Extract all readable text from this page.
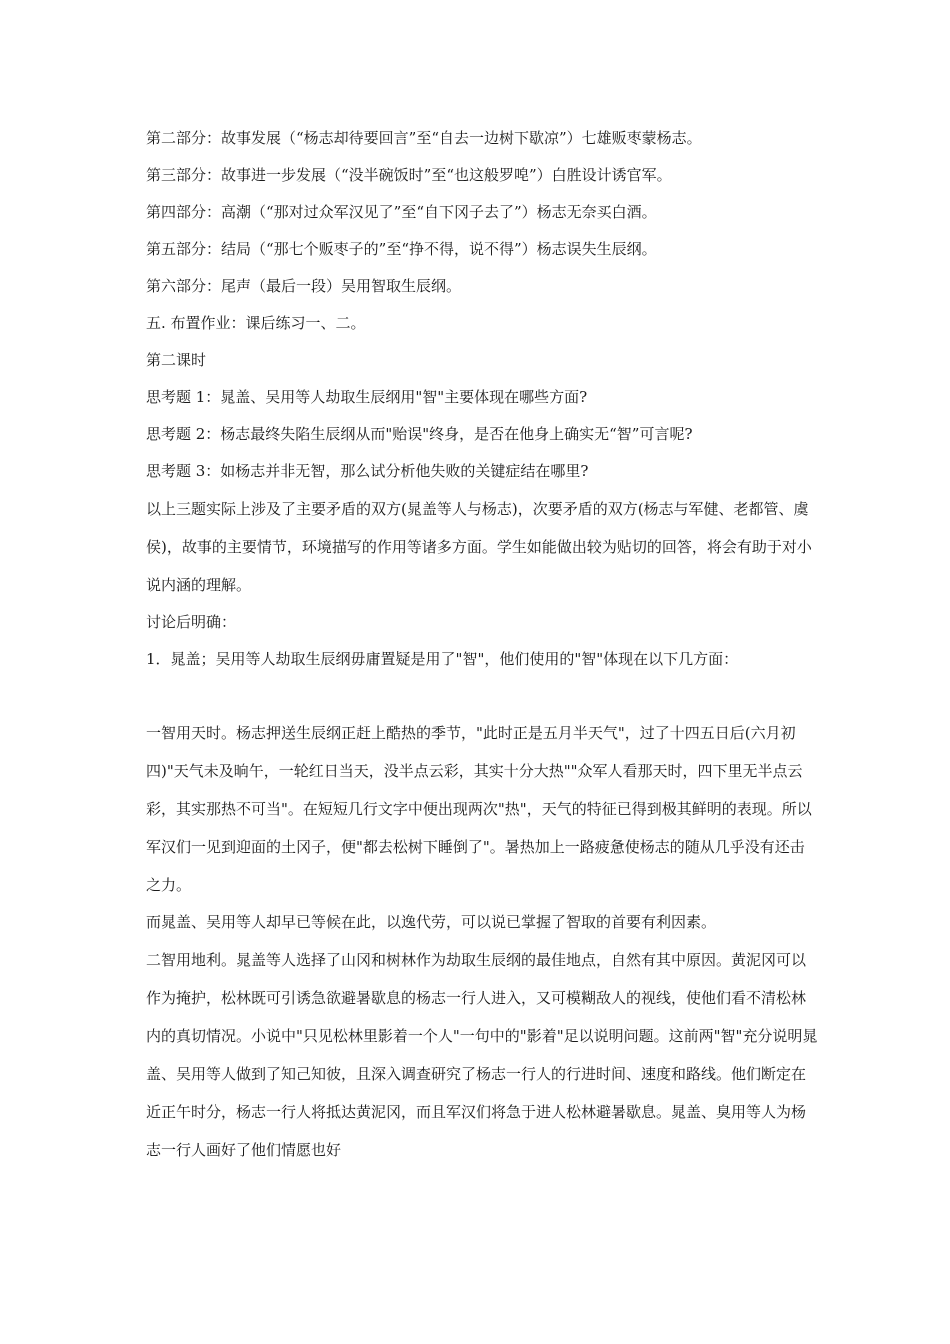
第二部分：故事发展（“杨志却待要回言”至“自去一边树下歇凉”）七雄贩枣蒙杨志。
第三部分：故事进一步发展（“没半碗饭时”至“也这般罗唣”）白胜设计诱官军。
第四部分：高潮（“那对过众军汉见了”至“自下冈子去了”）杨志无奈买白酒。
第五部分：结局（“那七个贩枣子的”至“挣不得，说不得”）杨志误失生辰纲。
第六部分：尾声（最后一段）吴用智取生辰纲。
五. 布置作业：课后练习一、二。
第二课时
思考题 1：晁盖、吴用等人劫取生辰纲用"智"主要体现在哪些方面?
思考题 2：杨志最终失陷生辰纲从而"贻误"终身，是否在他身上确实无“智”可言呢?
思考题 3：如杨志并非无智，那么试分析他失败的关键症结在哪里?

以上三题实际上涉及了主要矛盾的双方(晁盖等人与杨志)，次要矛盾的双方(杨志与军健、老都管、虞侯)，故事的主要情节，环境描写的作用等诸多方面。学生如能做出较为贴切的回答，将会有助于对小说内涵的理解。

讨论后明确：
1．晁盖；吴用等人劫取生辰纲毋庸置疑是用了"智"，他们使用的"智"体现在以下几方面：

一智用天时。杨志押送生辰纲正赶上酷热的季节，"此时正是五月半天气"，过了十四五日后(六月初四)"天气未及晌午，一轮红日当天，没半点云彩，其实十分大热""众军人看那天时，四下里无半点云彩，其实那热不可当"。在短短几行文字中便出现两次"热"，天气的特征已得到极其鲜明的表现。所以军汉们一见到迎面的土冈子，便"都去松树下睡倒了"。暑热加上一路疲惫使杨志的随从几乎没有还击之力。

而晁盖、吴用等人却早已等候在此，以逸代劳，可以说已掌握了智取的首要有利因素。

二智用地利。晁盖等人选择了山冈和树林作为劫取生辰纲的最佳地点，自然有其中原因。黄泥冈可以作为掩护，松林既可引诱急欲避暑歇息的杨志一行人进入，又可模糊敌人的视线，使他们看不清松林内的真切情况。小说中"只见松林里影着一个人"一句中的"影着"足以说明问题。这前两"智"充分说明晁盖、吴用等人做到了知己知彼，且深入调查研究了杨志一行人的行进时间、速度和路线。他们断定在近正午时分，杨志一行人将抵达黄泥冈，而且军汉们将急于进人松林避暑歇息。晁盖、臭用等人为杨志一行人画好了他们情愿也好
